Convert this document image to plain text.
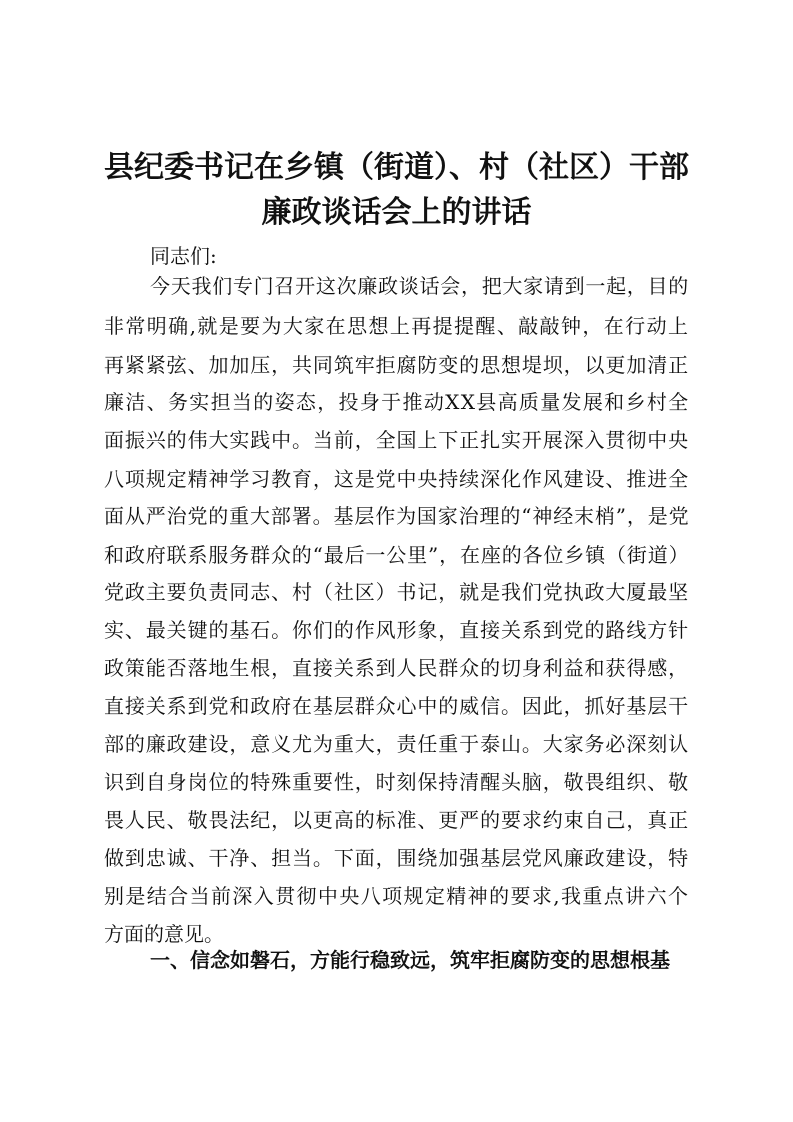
县纪委书记在乡镇（街道）、村（社区）干部
廉政谈话会上的讲话
同志们:
今天我们专门召开这次廉政谈话会，把大家请到一起，目的
非常明确,就是要为大家在思想上再提提醒、敲敲钟，在行动上
再紧紧弦、加加压，共同筑牢拒腐防变的思想堤坝，以更加清正
廉洁、务实担当的姿态，投身于推动XX县高质量发展和乡村全
面振兴的伟大实践中。当前，全国上下正扎实开展深入贯彻中央
八项规定精神学习教育，这是党中央持续深化作风建设、推进全
面从严治党的重大部署。基层作为国家治理的“神经末梢”，是党
和政府联系服务群众的“最后一公里”，在座的各位乡镇（街道）
党政主要负责同志、村（社区）书记，就是我们党执政大厦最坚
实、最关键的基石。你们的作风形象，直接关系到党的路线方针
政策能否落地生根，直接关系到人民群众的切身利益和获得感，
直接关系到党和政府在基层群众心中的威信。因此，抓好基层干
部的廉政建设，意义尤为重大，责任重于泰山。大家务必深刻认
识到自身岗位的特殊重要性，时刻保持清醒头脑，敬畏组织、敬
畏人民、敬畏法纪，以更高的标准、更严的要求约束自己，真正
做到忠诚、干净、担当。下面，围绕加强基层党风廉政建设，特
别是结合当前深入贯彻中央八项规定精神的要求,我重点讲六个
方面的意见。
一、信念如磐石，方能行稳致远，筑牢拒腐防变的思想根基
